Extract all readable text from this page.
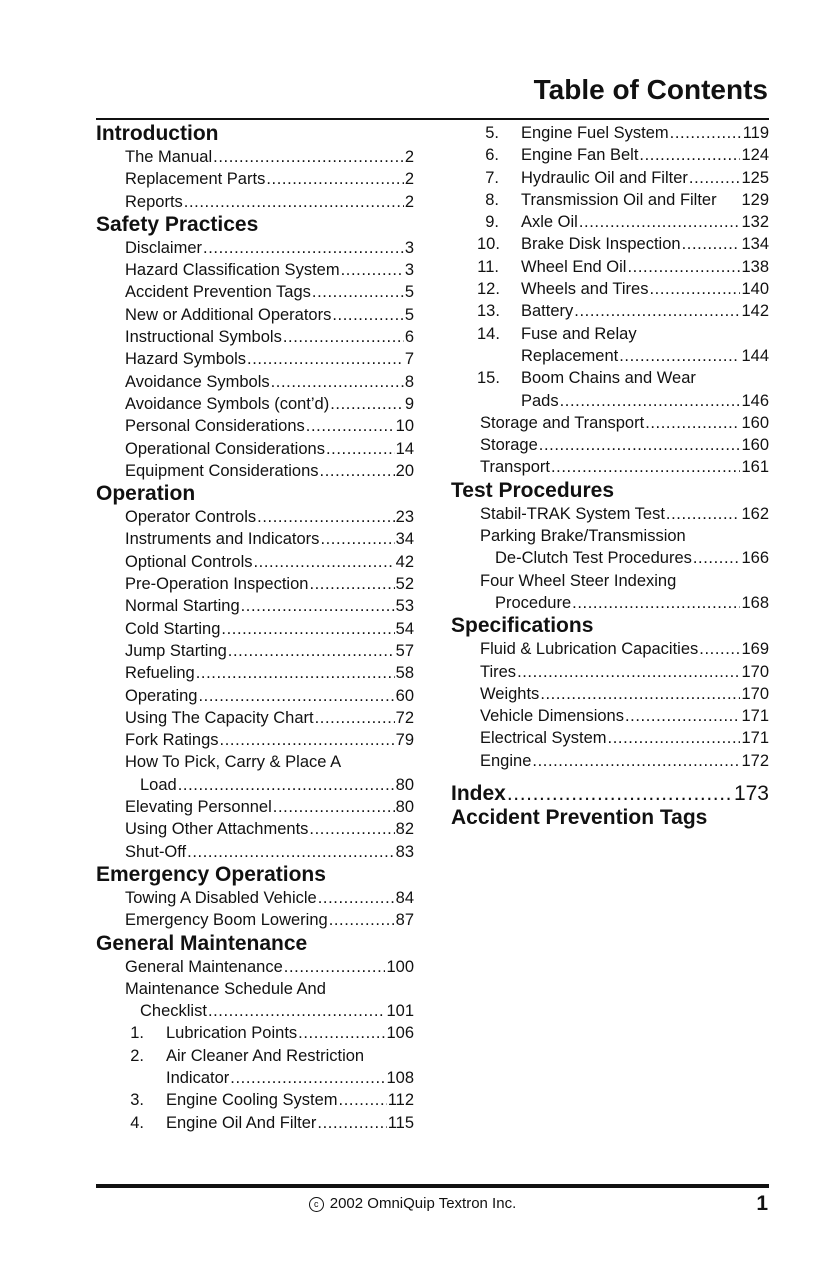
Table of Contents
Introduction
The Manual .....	2
Replacement Parts .....	2
Reports .....	2
Safety Practices
Disclaimer .....	3
Hazard Classification System .....	3
Accident Prevention Tags .....	5
New or Additional Operators .....	5
Instructional Symbols .....	6
Hazard Symbols .....	7
Avoidance Symbols .....	8
Avoidance Symbols (cont’d) .....	9
Personal Considerations .....	10
Operational Considerations .....	14
Equipment Considerations .....	20
Operation
Operator Controls .....	23
Instruments and Indicators .....	34
Optional Controls .....	42
Pre-Operation Inspection .....	52
Normal Starting .....	53
Cold Starting .....	54
Jump Starting .....	57
Refueling .....	58
Operating .....	60
Using The Capacity Chart .....	72
Fork Ratings .....	79
How To Pick, Carry & Place A
Load .....	80
Elevating Personnel .....	80
Using Other Attachments .....	82
Shut-Off .....	83
Emergency Operations
Towing A Disabled Vehicle .....	84
Emergency Boom Lowering .....	87
General Maintenance
General Maintenance .....	100
Maintenance Schedule And
Checklist .....	101
1. Lubrication Points .....	106
2. Air Cleaner And Restriction
Indicator .....	108
3. Engine Cooling System .....	112
4. Engine Oil And Filter .....	115
5. Engine Fuel System .....	119
6. Engine Fan Belt .....	124
7. Hydraulic Oil and Filter .....	125
8. Transmission Oil and Filter 129
9. Axle Oil .....	132
10. Brake Disk Inspection .....	134
11. Wheel End Oil .....	138
12. Wheels and Tires .....	140
13. Battery .....	142
14. Fuse and Relay
Replacement .....	144
15. Boom Chains and Wear
Pads .....	146
Storage and Transport .....	160
Storage .....	160
Transport .....	161
Test Procedures
Stabil-TRAK System Test .....	162
Parking Brake/Transmission
De-Clutch Test Procedures .....	166
Four Wheel Steer Indexing
Procedure .....	168
Specifications
Fluid & Lubrication Capacities .....	169
Tires .....	170
Weights .....	170
Vehicle Dimensions .....	171
Electrical System .....	171
Engine .....	172
Index .....	173
Accident Prevention Tags
c 2002 OmniQuip Textron Inc.	1
